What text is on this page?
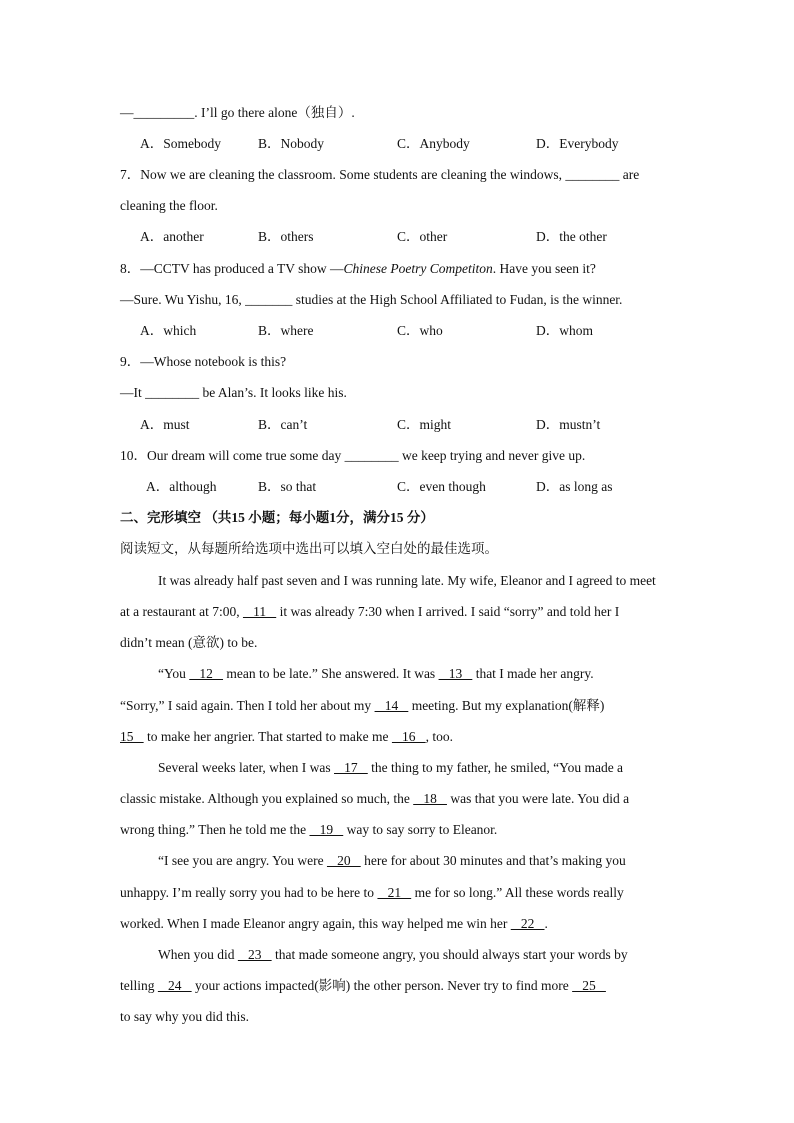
—_________. I’ll go there alone（独自）.
A．Somebody	B．Nobody	C．Anybody	D．Everybody
7．Now we are cleaning the classroom. Some students are cleaning the windows, ________ are
cleaning the floor.
A．another	B．others	C．other	D．the other
8．—CCTV has produced a TV show —Chinese Poetry Competiton. Have you seen it?
—Sure. Wu Yishu, 16, _______ studies at the High School Affiliated to Fudan, is the winner.
A．which	B．where	C．who	D．whom
9．—Whose notebook is this?
—It ________ be Alan’s. It looks like his.
A．must	B．can’t	C．might	D．mustn’t
10．Our dream will come true some day ________ we keep trying and never give up.
A．although	B．so that	C．even though	D．as long as
二、完形填空 （共15 小题；每小题1分，满分15 分）
阅读短文，从每题所给选项中选出可以填入空白处的最佳选项。
It was already half past seven and I was running late. My wife, Eleanor and I agreed to meet
at a restaurant at 7:00,    11    it was already 7:30 when I arrived. I said “sorry” and told her I
didn’t mean (意欲) to be.
“You    12    mean to be late.” She answered. It was    13    that I made her angry.
“Sorry,” I said again. Then I told her about my    14    meeting. But my explanation(解释)
15    to make her angrier. That started to make me    16   , too.
Several weeks later, when I was    17    the thing to my father, he smiled, “You made a
classic mistake. Although you explained so much, the    18    was that you were late. You did a
wrong thing.” Then he told me the    19    way to say sorry to Eleanor.
“I see you are angry. You were    20    here for about 30 minutes and that’s making you
unhappy. I’m really sorry you had to be here to    21    me for so long.” All these words really
worked. When I made Eleanor angry again, this way helped me win her    22   .
When you did    23    that made someone angry, you should always start your words by
telling    24    your actions impacted(影响) the other person. Never try to find more    25
to say why you did this.
